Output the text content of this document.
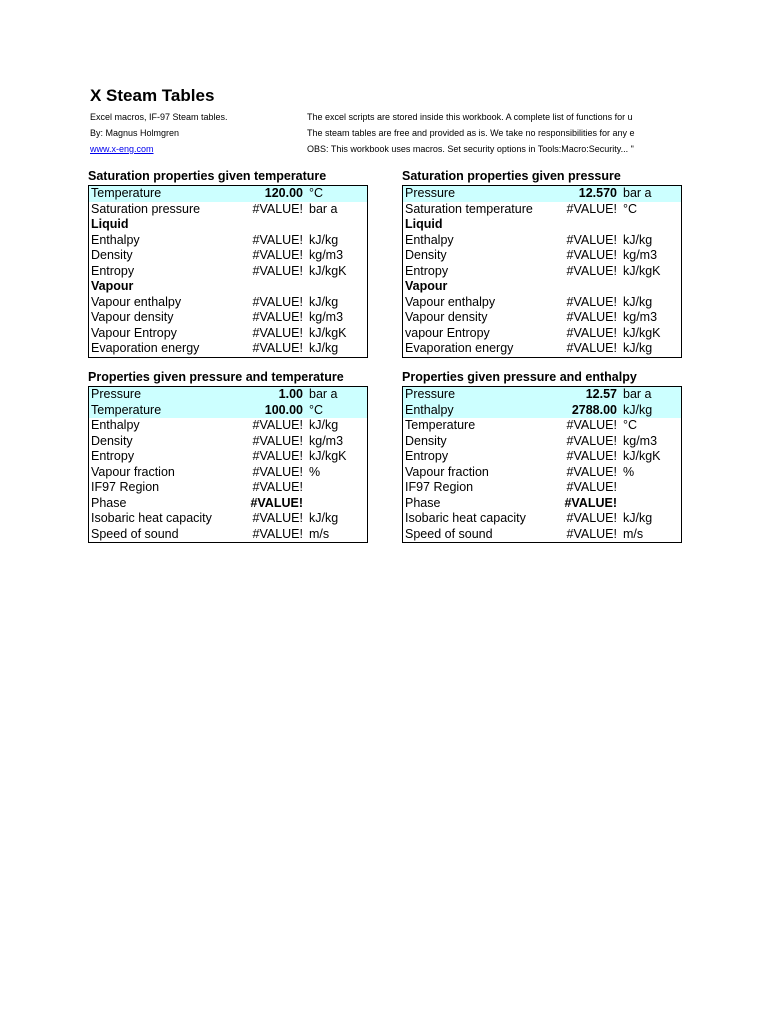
X Steam Tables
Excel macros, IF-97 Steam tables.
By: Magnus Holmgren
www.x-eng.com
The excel scripts are stored inside this workbook. A complete list of functions for u
The steam tables are free and provided as is. We take no responsibilities for any e
OBS: This workbook uses macros. Set security options in Tools:Macro:Security... "
Saturation properties given temperature
Temperature	120.00 °C
Saturation pressure	#VALUE! bar a
Liquid
Enthalpy	#VALUE! kJ/kg
Density	#VALUE! kg/m3
Entropy	#VALUE! kJ/kgK
Vapour
Vapour enthalpy	#VALUE! kJ/kg
Vapour density	#VALUE! kg/m3
Vapour Entropy	#VALUE! kJ/kgK
Evaporation energy	#VALUE! kJ/kg
Saturation properties given pressure
Pressure	12.570 bar a
Saturation temperature	#VALUE! °C
Liquid
Enthalpy	#VALUE! kJ/kg
Density	#VALUE! kg/m3
Entropy	#VALUE! kJ/kgK
Vapour
Vapour enthalpy	#VALUE! kJ/kg
Vapour density	#VALUE! kg/m3
vapour Entropy	#VALUE! kJ/kgK
Evaporation energy	#VALUE! kJ/kg
Properties given pressure and temperature
Pressure	1.00 bar a
Temperature	100.00 °C
Enthalpy	#VALUE! kJ/kg
Density	#VALUE! kg/m3
Entropy	#VALUE! kJ/kgK
Vapour fraction	#VALUE! %
IF97 Region	#VALUE!
Phase	#VALUE!
Isobaric heat capacity	#VALUE! kJ/kg
Speed of sound	#VALUE! m/s
Properties given pressure and enthalpy
Pressure	12.57 bar a
Enthalpy	2788.00 kJ/kg
Temperature	#VALUE! °C
Density	#VALUE! kg/m3
Entropy	#VALUE! kJ/kgK
Vapour fraction	#VALUE! %
IF97 Region	#VALUE!
Phase	#VALUE!
Isobaric heat capacity	#VALUE! kJ/kg
Speed of sound	#VALUE! m/s
